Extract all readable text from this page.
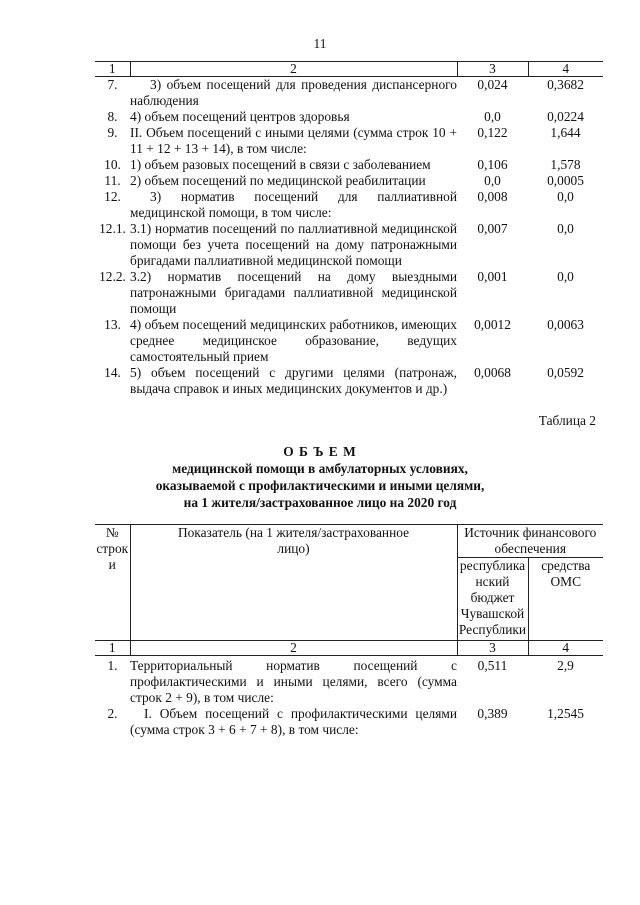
11
1	2	3	4
7.	3) объем посещений для проведения диспансерного наблюдения	0,024	0,3682
8.	4) объем посещений центров здоровья	0,0	0,0224
9.	II. Объем посещений с иными целями (сумма строк 10 + 11 + 12 + 13 + 14), в том числе:	0,122	1,644
10.	1) объем разовых посещений в связи с заболеванием	0,106	1,578
11.	2) объем посещений по медицинской реабилитации	0,0	0,0005
12.	3) норматив посещений для паллиативной медицинской помощи, в том числе:	0,008	0,0
12.1.	3.1) норматив посещений по паллиативной медицинской помощи без учета посещений на дому патронажными бригадами паллиативной медицинской помощи	0,007	0,0
12.2.	3.2) норматив посещений на дому выездными патронажными бригадами паллиативной медицинской помощи	0,001	0,0
13.	4) объем посещений медицинских работников, имеющих среднее медицинское образование, ведущих самостоятельный прием	0,0012	0,0063
14.	5) объем посещений с другими целями (патронаж, выдача справок и иных медицинских документов и др.)	0,0068	0,0592
Таблица 2
О Б Ъ Е М
медицинской помощи в амбулаторных условиях,
оказываемой с профилактическими и иными целями,
на 1 жителя/застрахованное лицо на 2020 год
№ строки	Показатель (на 1 жителя/застрахованное лицо)	Источник финансового обеспечения	
		республиканский бюджет Чувашской Республики	средства ОМС
1	2	3	4
1.	Территориальный норматив посещений с профилактическими и иными целями, всего (сумма строк 2 + 9), в том числе:	0,511	2,9
2.	I. Объем посещений с профилактическими целями (сумма строк 3 + 6 + 7 + 8), в том числе:	0,389	1,2545
